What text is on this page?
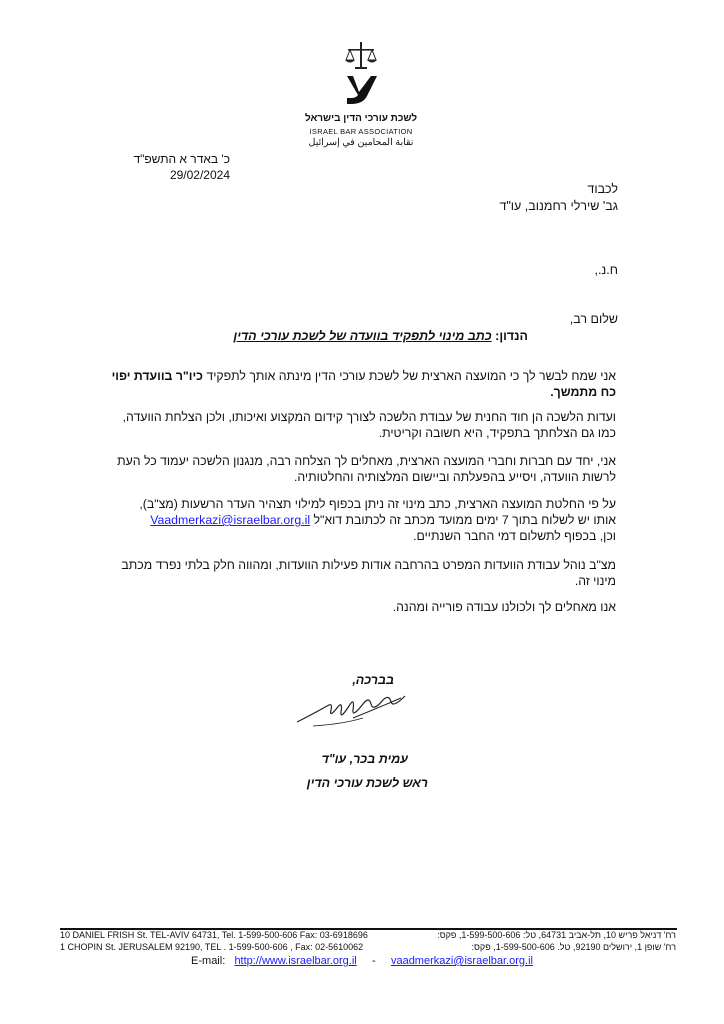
לשכת עורכי הדין בישראל
ISRAEL BAR ASSOCIATION
نقابة المحامين في إسرائيل
כ' באדר א התשפ"ד
29/02/2024
לכבוד
גב' שירלי רחמנוב, עו"ד
ח.נ.,
שלום רב,
הנדון: כתב מינוי לתפקיד בוועדה של לשכת עורכי הדין
אני שמח לבשר לך כי המועצה הארצית של לשכת עורכי הדין מינתה אותך לתפקיד כיו"ר בוועדת יפוי כח מתמשך.
ועדות הלשכה הן חוד החנית של עבודת הלשכה לצורך קידום המקצוע ואיכותו, ולכן הצלחת הוועדה, כמו גם הצלחתך בתפקיד, היא חשובה וקריטית.
אני, יחד עם חברות וחברי המועצה הארצית, מאחלים לך הצלחה רבה, מנגנון הלשכה יעמוד כל העת לרשות הוועדה, ויסייע בהפעלתה וביישום המלצותיה והחלטותיה.
על פי החלטת המועצה הארצית, כתב מינוי זה ניתן בכפוף למילוי תצהיר העדר הרשעות (מצ"ב),
אותו יש לשלוח בתוך 7 ימים ממועד מכתב זה לכתובת דוא"ל Vaadmerkazi@israelbar.org.il
וכן, בכפוף לתשלום דמי החבר השנתיים.
מצ"ב נוהל עבודת הוועדות המפרט בהרחבה אודות פעילות הוועדות, ומהווה חלק בלתי נפרד מכתב מינוי זה.
אנו מאחלים לך ולכולנו עבודה פורייה ומהנה.
בברכה,
עמית בכר, עו"ד
ראש לשכת עורכי הדין
10 DANIEL FRISH St. TEL-AVIV 64731, Tel. 1-599-500-606 Fax: 03-6918696	רח' דניאל פריש 10, תל-אביב 64731, טל: 1-599-500-606, פקס:
1 CHOPIN St. JERUSALEM 92190, TEL . 1-599-500-606 , Fax: 02-5610062	רח' שופן 1, ירושלים 92190, טל. 1-599-500-606, פקס:
E-mail: http://www.israelbar.org.il - vaadmerkazi@israelbar.org.il
